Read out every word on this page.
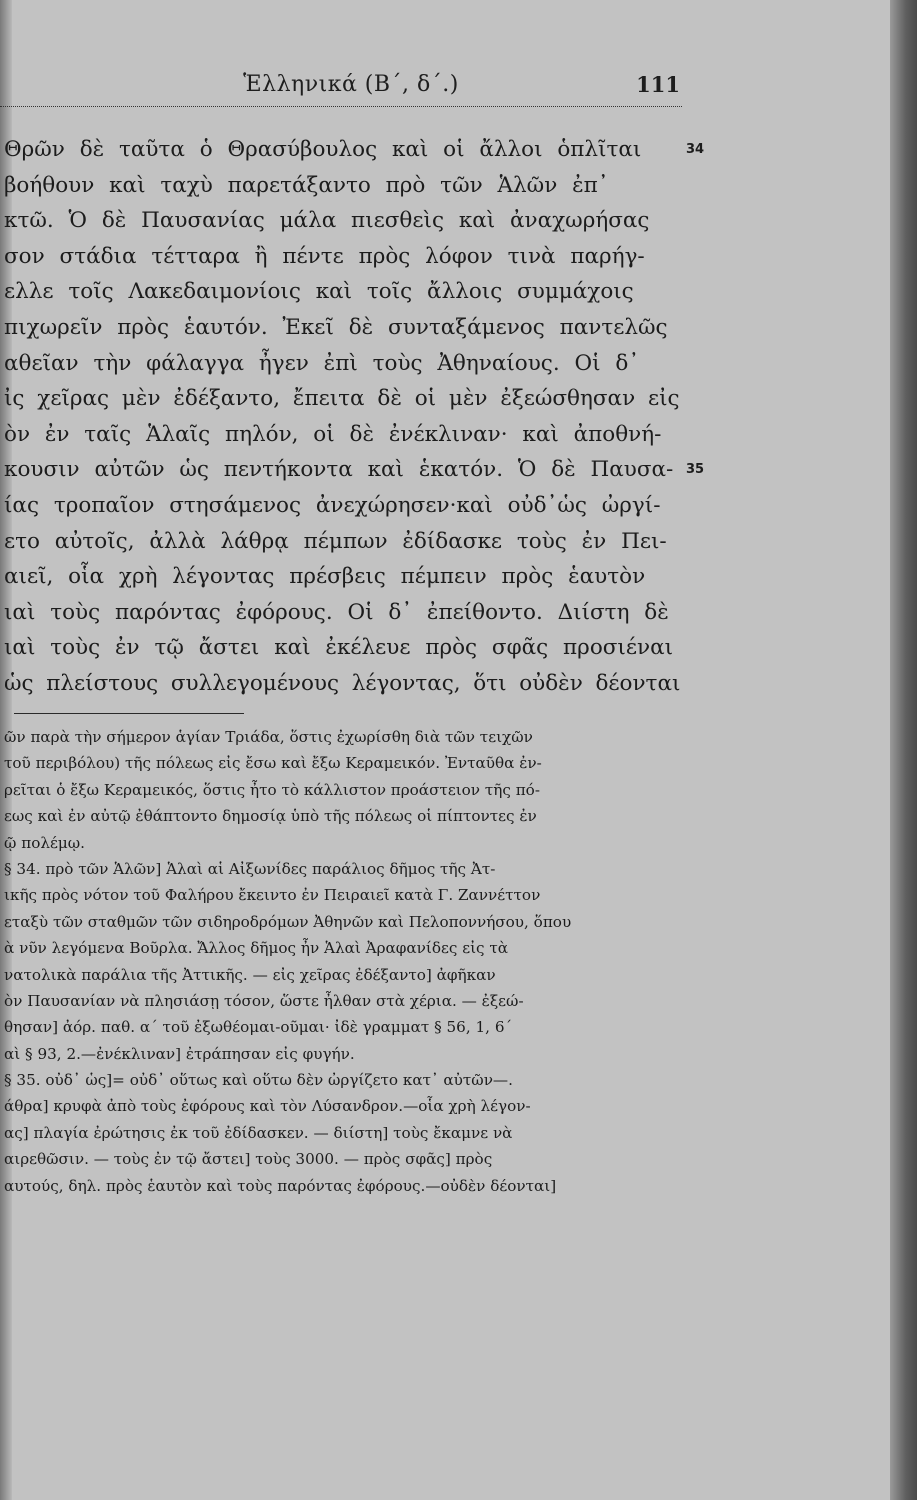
Ἑλληνικά (Β΄, δ΄.)	111
Θρῶν δὲ ταῦτα ὁ Θρασύβουλος καὶ οἱ ἄλλοι ὁπλῖται	34
βοήθουν καὶ ταχὺ παρετάξαντο πρὸ τῶν Ἁλῶν ἐπ᾽
κτῶ. Ὁ δὲ Παυσανίας μάλα πιεσθεὶς καὶ ἀναχωρήσας
σον στάδια τέτταρα ἢ πέντε πρὸς λόφον τινὰ παρήγ-
ελλε τοῖς Λακεδαιμονίοις καὶ τοῖς ἄλλοις συμμάχοις
πιχωρεῖν πρὸς ἑαυτόν. Ἐκεῖ δὲ συνταξάμενος παντελῶς
αθεῖαν τὴν φάλαγγα ἦγεν ἐπὶ τοὺς Ἀθηναίους. Οἱ δ᾽
ἰς χεῖρας μὲν ἐδέξαντο, ἔπειτα δὲ οἱ μὲν ἐξεώσθησαν εἰς
ὸν ἐν ταῖς Ἁλαῖς πηλόν, οἱ δὲ ἐνέκλιναν· καὶ ἀποθνή-
κουσιν αὐτῶν ὡς πεντήκοντα καὶ ἑκατόν. Ὁ δὲ Παυσα- 35
ίας τροπαῖον στησάμενος ἀνεχώρησεν·καὶ οὐδ᾽ὡς ὠργί-
ετο αὐτοῖς, ἀλλὰ λάθρᾳ πέμπων ἐδίδασκε τοὺς ἐν Πει-
αιεῖ, οἷα χρὴ λέγοντας πρέσβεις πέμπειν πρὸς ἑαυτὸν
ιαὶ τοὺς παρόντας ἐφόρους. Οἱ δ᾽ ἐπείθοντο. Διίστη δὲ
ιαὶ τοὺς ἐν τῷ ἄστει καὶ ἐκέλευε πρὸς σφᾶς προσιέναι
ὡς πλείστους συλλεγομένους λέγοντας, ὅτι οὐδὲν δέονται
ῶν παρὰ τὴν σήμερον ἁγίαν Τριάδα, ὅστις ἐχωρίσθη διὰ τῶν τειχῶν
τοῦ περιβόλου) τῆς πόλεως εἰς ἔσω καὶ ἔξω Κεραμεικόν. Ἐνταῦθα ἐν-
ρεῖται ὁ ἔξω Κεραμεικός, ὅστις ἦτο τὸ κάλλιστον προάστειον τῆς πό-
εως καὶ ἐν αὐτῷ ἐθάπτοντο δημοσίᾳ ὑπὸ τῆς πόλεως οἱ πίπτοντες ἐν
ῷ πολέμῳ.
§ 34. πρὸ τῶν Ἁλῶν] Ἁλαὶ αἱ Αἰξωνίδες παράλιος δῆμος τῆς Ἀτ-
ικῆς πρὸς νότον τοῦ Φαλήρου ἔκειντο ἐν Πειραιεῖ κατὰ Γ. Ζαννέττον
εταξὺ τῶν σταθμῶν τῶν σιδηροδρόμων Ἀθηνῶν καὶ Πελοποννήσου, ὅπου
ὰ νῦν λεγόμενα Βοῦρλα. Ἄλλος δῆμος ἦν Ἁλαὶ Ἀραφανίδες εἰς τὰ
νατολικὰ παράλια τῆς Ἀττικῆς. — εἰς χεῖρας ἐδέξαντο] ἀφῆκαν
ὸν Παυσανίαν νὰ πλησιάσῃ τόσον, ὥστε ἦλθαν στὰ χέρια. — ἐξεώ-
θησαν] ἀόρ. παθ. α΄ τοῦ ἐξωθέομαι-οῦμαι· ἰδὲ γραμματ § 56, 1, 6΄
αὶ § 93, 2.—ἐνέκλιναν] ἐτράπησαν εἰς φυγήν.
§ 35. οὐδ᾽ ὡς]= οὐδ᾽ οὕτως καὶ οὕτω δὲν ὠργίζετο κατ᾽ αὐτῶν—.
άθρα] κρυφὰ ἀπὸ τοὺς ἐφόρους καὶ τὸν Λύσανδρον.—οἷα χρὴ λέγον-
ας] πλαγία ἐρώτησις ἐκ τοῦ ἐδίδασκεν. — διίστη] τοὺς ἔκαμνε νὰ
αιρεθῶσιν. — τοὺς ἐν τῷ ἄστει] τοὺς 3000. — πρὸς σφᾶς] πρὸς
αυτούς, δηλ. πρὸς ἑαυτὸν καὶ τοὺς παρόντας ἐφόρους.—οὐδὲν δέονται]
